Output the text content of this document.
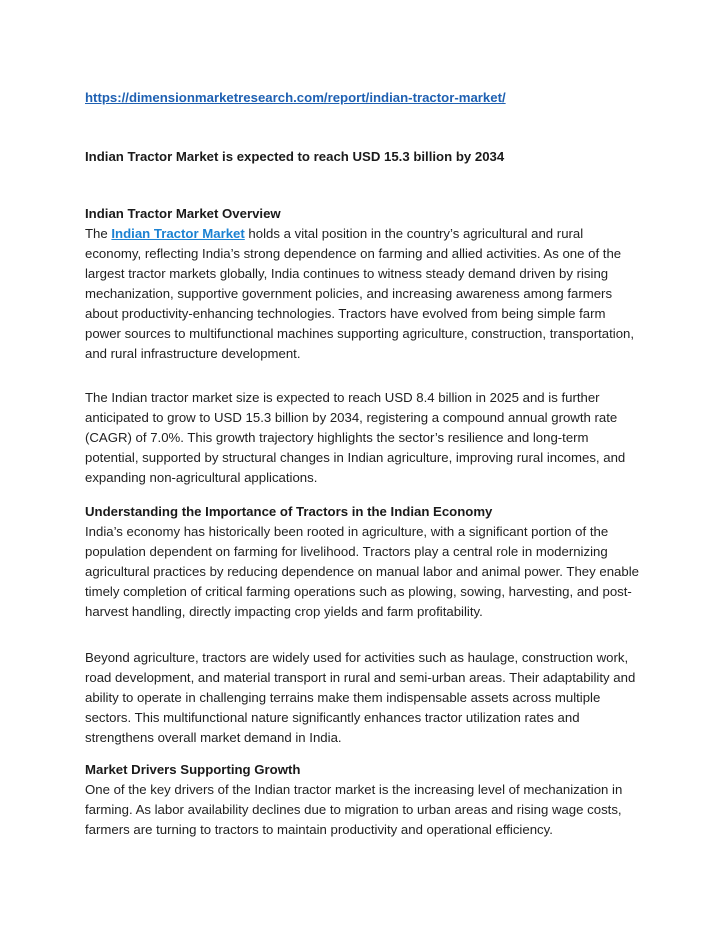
https://dimensionmarketresearch.com/report/indian-tractor-market/

Indian Tractor Market is expected to reach USD 15.3 billion by 2034

Indian Tractor Market Overview

The Indian Tractor Market holds a vital position in the country’s agricultural and rural economy, reflecting India’s strong dependence on farming and allied activities. As one of the largest tractor markets globally, India continues to witness steady demand driven by rising mechanization, supportive government policies, and increasing awareness among farmers about productivity-enhancing technologies. Tractors have evolved from being simple farm power sources to multifunctional machines supporting agriculture, construction, transportation, and rural infrastructure development.

The Indian tractor market size is expected to reach USD 8.4 billion in 2025 and is further anticipated to grow to USD 15.3 billion by 2034, registering a compound annual growth rate (CAGR) of 7.0%. This growth trajectory highlights the sector’s resilience and long-term potential, supported by structural changes in Indian agriculture, improving rural incomes, and expanding non-agricultural applications.

Understanding the Importance of Tractors in the Indian Economy

India’s economy has historically been rooted in agriculture, with a significant portion of the population dependent on farming for livelihood. Tractors play a central role in modernizing agricultural practices by reducing dependence on manual labor and animal power. They enable timely completion of critical farming operations such as plowing, sowing, harvesting, and post-harvest handling, directly impacting crop yields and farm profitability.

Beyond agriculture, tractors are widely used for activities such as haulage, construction work, road development, and material transport in rural and semi-urban areas. Their adaptability and ability to operate in challenging terrains make them indispensable assets across multiple sectors. This multifunctional nature significantly enhances tractor utilization rates and strengthens overall market demand in India.

Market Drivers Supporting Growth

One of the key drivers of the Indian tractor market is the increasing level of mechanization in farming. As labor availability declines due to migration to urban areas and rising wage costs, farmers are turning to tractors to maintain productivity and operational efficiency.
